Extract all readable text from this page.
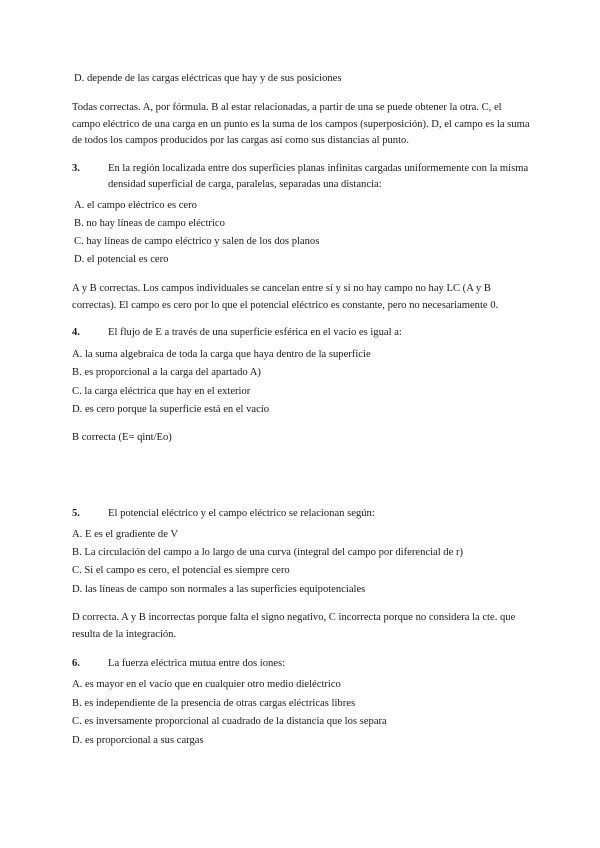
D. depende de las cargas eléctricas que hay y de sus posiciones

Todas correctas. A, por fórmula. B al estar relacionadas, a partir de una se puede obtener la otra. C, el campo eléctrico de una carga en un punto es la suma de los campos (superposición). D, el campo es la suma de todos los campos producidos por las cargas así como sus distancias al punto.

3.	En la región localizada entre dos superficies planas infinitas cargadas uniformemente con la misma densidad superficial de carga, paralelas, separadas una distancia:

A. el campo eléctrico es cero

B. no hay líneas de campo eléctrico

C. hay líneas de campo eléctrico y salen de los dos planos

D. el potencial es cero

A y B correctas. Los campos individuales se cancelan entre sí y si no hay campo no hay LC (A y B correctas). El campo es cero por lo que el potencial eléctrico es constante, pero no necesariamente 0.

4.	El flujo de E a través de una superficie esférica en el vacío es igual a:

A. la suma algebraica de toda la carga que haya dentro de la superficie

B. es proporcional a la carga del apartado A)

C. la carga eléctrica que hay en el exterior

D. es cero porque la superficie está en el vacío

B correcta (E= qint/Eo)

5.	El potencial eléctrico y el campo eléctrico se relacionan según:

A. E es el gradiente de V

B. La circulación del campo a lo largo de una curva (integral del campo por diferencial de r)

C. Si el campo es cero, el potencial es siempre cero

D. las líneas de campo son normales a las superficies equipotenciales

D correcta. A y B incorrectas porque falta el signo negativo, C incorrecta porque no considera la cte. que resulta de la integración.

6.	La fuerza eléctrica mutua entre dos iones:

A. es mayor en el vacío que en cualquier otro medio dieléctrico

B. es independiente de la presencia de otras cargas eléctricas libres

C. es inversamente proporcional al cuadrado de la distancia que los separa

D. es proporcional a sus cargas
